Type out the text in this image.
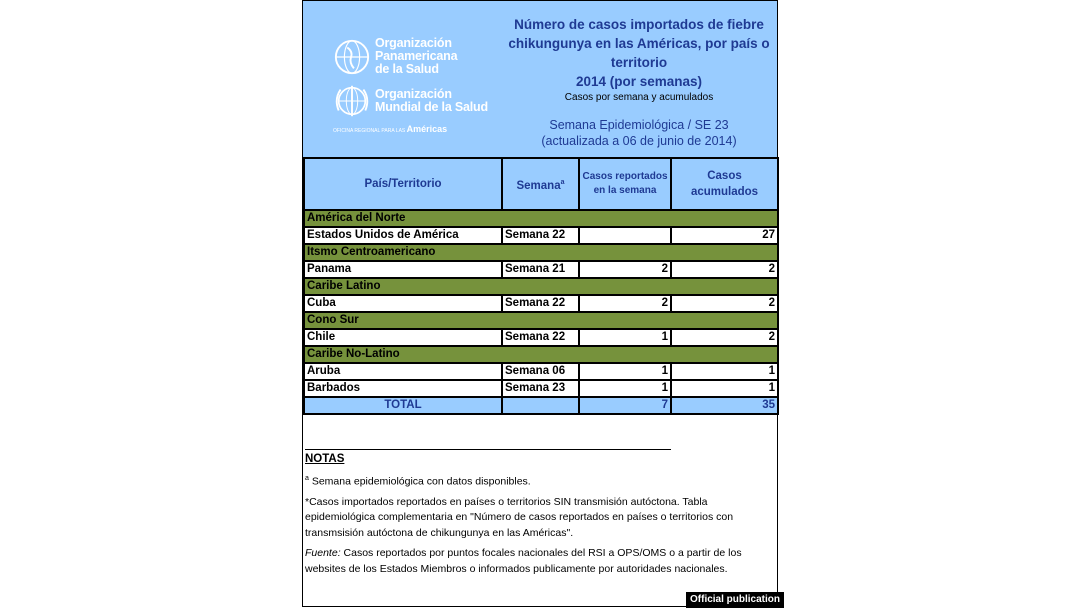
Organización
Panamericana
de la Salud
Organización
Mundial de la Salud
OFICINA REGIONAL PARA LAS Américas
Número de casos importados de fiebre
chikungunya en las Américas, por país o
territorio
2014 (por semanas)
Casos por semana y acumulados
Semana Epidemiológica / SE 23
(actualizada a 06 de junio de 2014)
País/Territorio	Semana$^a$	Casos reportados en la semana	Casos acumulados
América del Norte			
Estados Unidos de América	Semana 22		27
Itsmo Centroamericano			
Panama	Semana 21	2	2
Caribe Latino			
Cuba	Semana 22	2	2
Cono Sur			
Chile	Semana 22	1	2
Caribe No-Latino			
Aruba	Semana 06	1	1
Barbados	Semana 23	1	1
TOTAL		7	35
NOTAS

$^a$ Semana epidemiológica con datos disponibles.

*Casos importados reportados en países o territorios SIN transmisión autóctona. Tabla epidemiológica complementaria en "Número de casos reportados en países o territorios con transmsisión autóctona de chikungunya en las Américas".

Fuente: Casos reportados por puntos focales nacionales del RSI a OPS/OMS o a partir de los websites de los Estados Miembros o informados publicamente por autoridades nacionales.

Official publication
